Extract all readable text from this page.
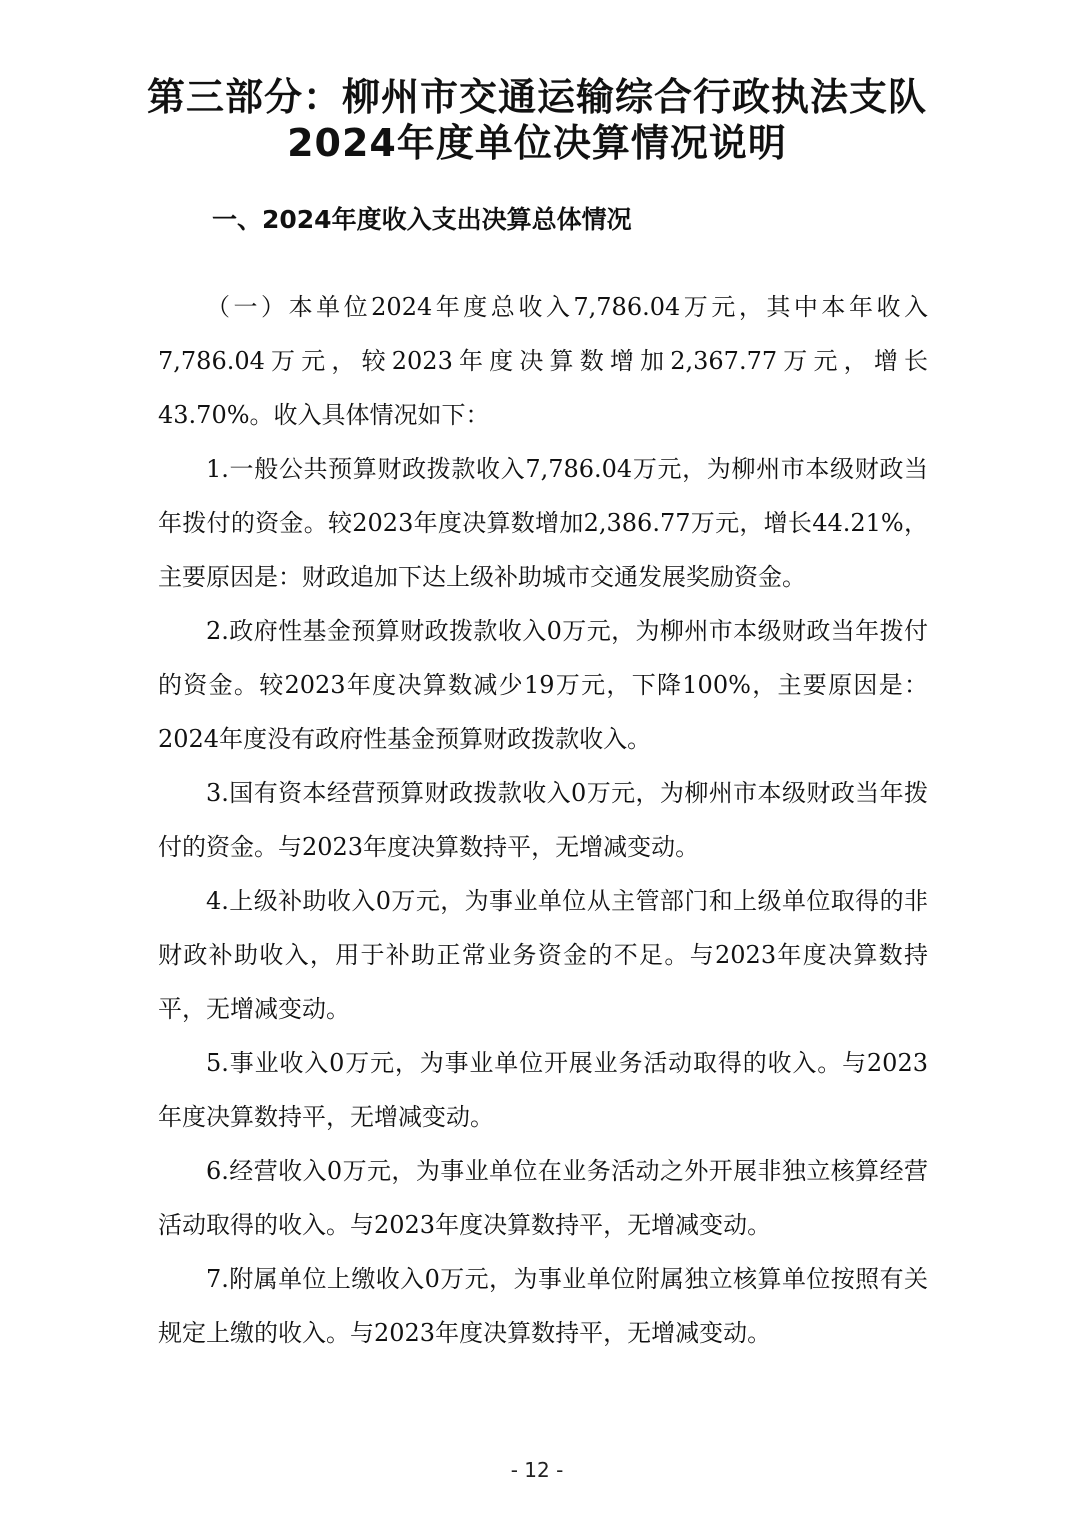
第三部分：柳州市交通运输综合行政执法支队2024年度单位决算情况说明
一、2024年度收入支出决算总体情况

（一）本单位2024年度总收入7,786.04万元，其中本年收入7,786.04万元，较2023年度决算数增加2,367.77万元，增长43.70%。收入具体情况如下：

1.一般公共预算财政拨款收入7,786.04万元，为柳州市本级财政当年拨付的资金。较2023年度决算数增加2,386.77万元，增长44.21%，主要原因是：财政追加下达上级补助城市交通发展奖励资金。

2.政府性基金预算财政拨款收入0万元，为柳州市本级财政当年拨付的资金。较2023年度决算数减少19万元，下降100%，主要原因是：2024年度没有政府性基金预算财政拨款收入。

3.国有资本经营预算财政拨款收入0万元，为柳州市本级财政当年拨付的资金。与2023年度决算数持平，无增减变动。

4.上级补助收入0万元，为事业单位从主管部门和上级单位取得的非财政补助收入，用于补助正常业务资金的不足。与2023年度决算数持平，无增减变动。

5.事业收入0万元，为事业单位开展业务活动取得的收入。与2023年度决算数持平，无增减变动。

6.经营收入0万元，为事业单位在业务活动之外开展非独立核算经营活动取得的收入。与2023年度决算数持平，无增减变动。

7.附属单位上缴收入0万元，为事业单位附属独立核算单位按照有关规定上缴的收入。与2023年度决算数持平，无增减变动。

- 12 -
